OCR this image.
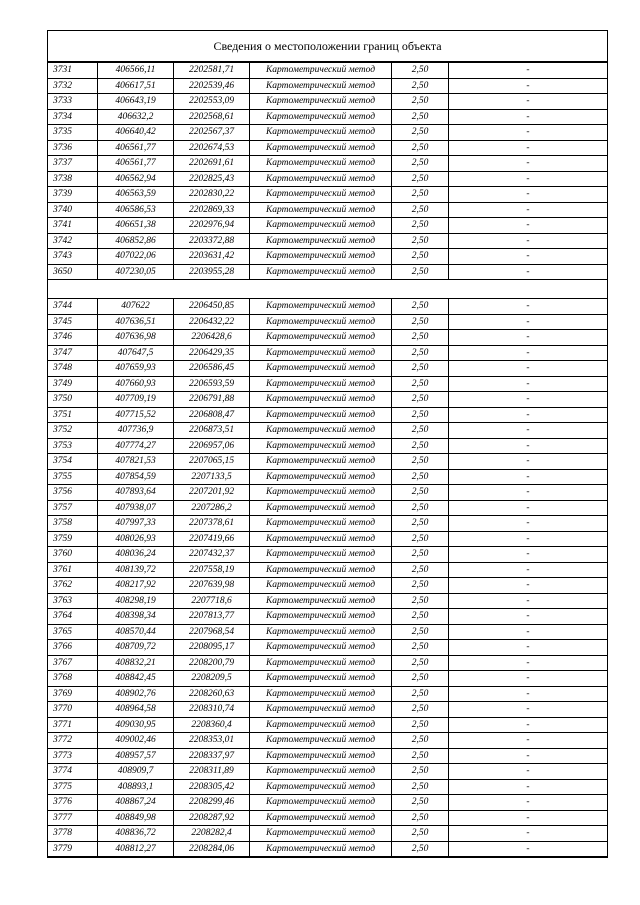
Сведения о местоположении границ объекта
3731	406566,11	2202581,71	Картометрический метод	2,50	-
3732	406617,51	2202539,46	Картометрический метод	2,50	-
3733	406643,19	2202553,09	Картометрический метод	2,50	-
3734	406632,2	2202568,61	Картометрический метод	2,50	-
3735	406640,42	2202567,37	Картометрический метод	2,50	-
3736	406561,77	2202674,53	Картометрический метод	2,50	-
3737	406561,77	2202691,61	Картометрический метод	2,50	-
3738	406562,94	2202825,43	Картометрический метод	2,50	-
3739	406563,59	2202830,22	Картометрический метод	2,50	-
3740	406586,53	2202869,33	Картометрический метод	2,50	-
3741	406651,38	2202976,94	Картометрический метод	2,50	-
3742	406852,86	2203372,88	Картометрический метод	2,50	-
3743	407022,06	2203631,42	Картометрический метод	2,50	-
3650	407230,05	2203955,28	Картометрический метод	2,50	-

3744	407622	2206450,85	Картометрический метод	2,50	-
3745	407636,51	2206432,22	Картометрический метод	2,50	-
3746	407636,98	2206428,6	Картометрический метод	2,50	-
3747	407647,5	2206429,35	Картометрический метод	2,50	-
3748	407659,93	2206586,45	Картометрический метод	2,50	-
3749	407660,93	2206593,59	Картометрический метод	2,50	-
3750	407709,19	2206791,88	Картометрический метод	2,50	-
3751	407715,52	2206808,47	Картометрический метод	2,50	-
3752	407736,9	2206873,51	Картометрический метод	2,50	-
3753	407774,27	2206957,06	Картометрический метод	2,50	-
3754	407821,53	2207065,15	Картометрический метод	2,50	-
3755	407854,59	2207133,5	Картометрический метод	2,50	-
3756	407893,64	2207201,92	Картометрический метод	2,50	-
3757	407938,07	2207286,2	Картометрический метод	2,50	-
3758	407997,33	2207378,61	Картометрический метод	2,50	-
3759	408026,93	2207419,66	Картометрический метод	2,50	-
3760	408036,24	2207432,37	Картометрический метод	2,50	-
3761	408139,72	2207558,19	Картометрический метод	2,50	-
3762	408217,92	2207639,98	Картометрический метод	2,50	-
3763	408298,19	2207718,6	Картометрический метод	2,50	-
3764	408398,34	2207813,77	Картометрический метод	2,50	-
3765	408570,44	2207968,54	Картометрический метод	2,50	-
3766	408709,72	2208095,17	Картометрический метод	2,50	-
3767	408832,21	2208200,79	Картометрический метод	2,50	-
3768	408842,45	2208209,5	Картометрический метод	2,50	-
3769	408902,76	2208260,63	Картометрический метод	2,50	-
3770	408964,58	2208310,74	Картометрический метод	2,50	-
3771	409030,95	2208360,4	Картометрический метод	2,50	-
3772	409002,46	2208353,01	Картометрический метод	2,50	-
3773	408957,57	2208337,97	Картометрический метод	2,50	-
3774	408909,7	2208311,89	Картометрический метод	2,50	-
3775	408893,1	2208305,42	Картометрический метод	2,50	-
3776	408867,24	2208299,46	Картометрический метод	2,50	-
3777	408849,98	2208287,92	Картометрический метод	2,50	-
3778	408836,72	2208282,4	Картометрический метод	2,50	-
3779	408812,27	2208284,06	Картометрический метод	2,50	-
